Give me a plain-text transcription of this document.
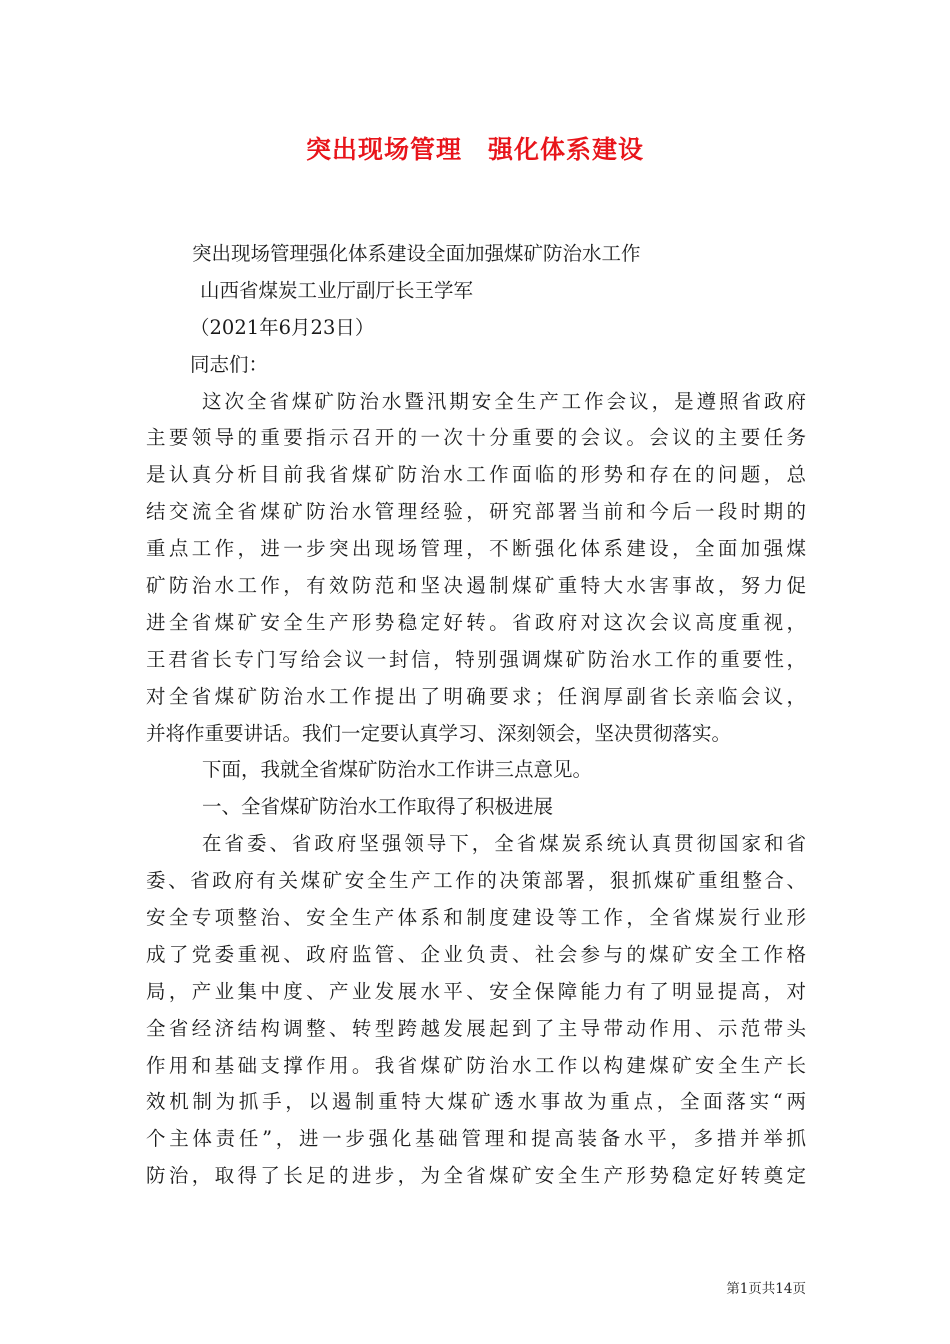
突出现场管理　强化体系建设
突出现场管理强化体系建设全面加强煤矿防治水工作
山西省煤炭工业厅副厅长王学军
（2021年6月23日）
同志们：
这次全省煤矿防治水暨汛期安全生产工作会议，是遵照省政府
主要领导的重要指示召开的一次十分重要的会议。会议的主要任务
是认真分析目前我省煤矿防治水工作面临的形势和存在的问题，总
结交流全省煤矿防治水管理经验，研究部署当前和今后一段时期的
重点工作，进一步突出现场管理，不断强化体系建设，全面加强煤
矿防治水工作，有效防范和坚决遏制煤矿重特大水害事故，努力促
进全省煤矿安全生产形势稳定好转。省政府对这次会议高度重视，
王君省长专门写给会议一封信，特别强调煤矿防治水工作的重要性，
对全省煤矿防治水工作提出了明确要求；任润厚副省长亲临会议，
并将作重要讲话。我们一定要认真学习、深刻领会，坚决贯彻落实。
下面，我就全省煤矿防治水工作讲三点意见。
一、全省煤矿防治水工作取得了积极进展
在省委、省政府坚强领导下，全省煤炭系统认真贯彻国家和省
委、省政府有关煤矿安全生产工作的决策部署，狠抓煤矿重组整合、
安全专项整治、安全生产体系和制度建设等工作，全省煤炭行业形
成了党委重视、政府监管、企业负责、社会参与的煤矿安全工作格
局，产业集中度、产业发展水平、安全保障能力有了明显提高，对
全省经济结构调整、转型跨越发展起到了主导带动作用、示范带头
作用和基础支撑作用。我省煤矿防治水工作以构建煤矿安全生产长
效机制为抓手，以遏制重特大煤矿透水事故为重点，全面落实“两
个主体责任”，进一步强化基础管理和提高装备水平，多措并举抓
防治，取得了长足的进步，为全省煤矿安全生产形势稳定好转奠定
第1页共14页
